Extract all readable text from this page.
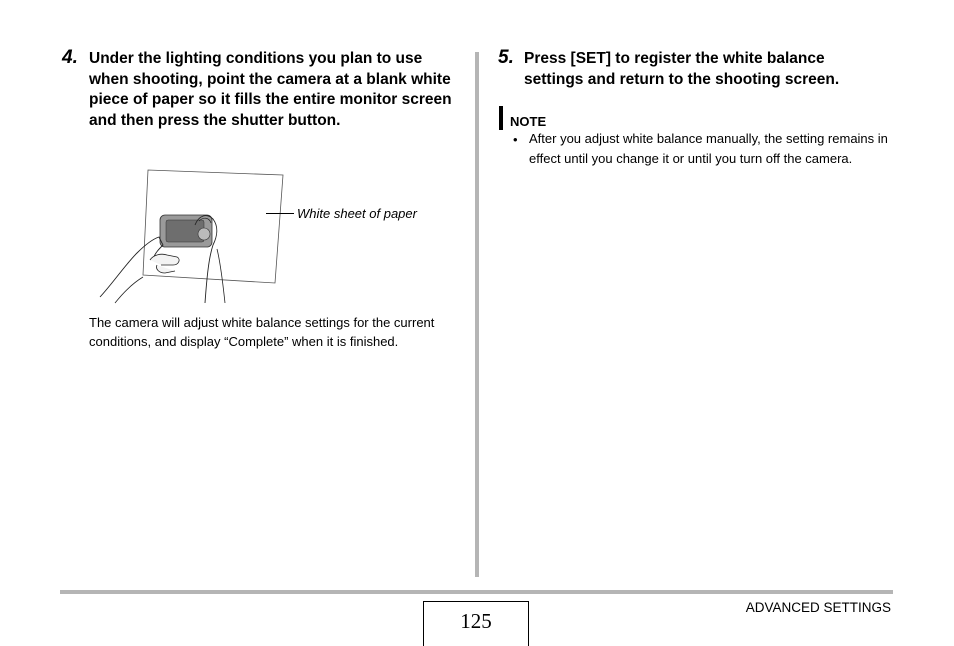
4. Under the lighting conditions you plan to use when shooting, point the camera at a blank white piece of paper so it fills the entire monitor screen and then press the shutter button.
White sheet of paper
The camera will adjust white balance settings for the current conditions, and display “Complete” when it is finished.
5. Press [SET] to register the white balance settings and return to the shooting screen.
NOTE
• After you adjust white balance manually, the setting remains in effect until you change it or until you turn off the camera.
125
ADVANCED SETTINGS
